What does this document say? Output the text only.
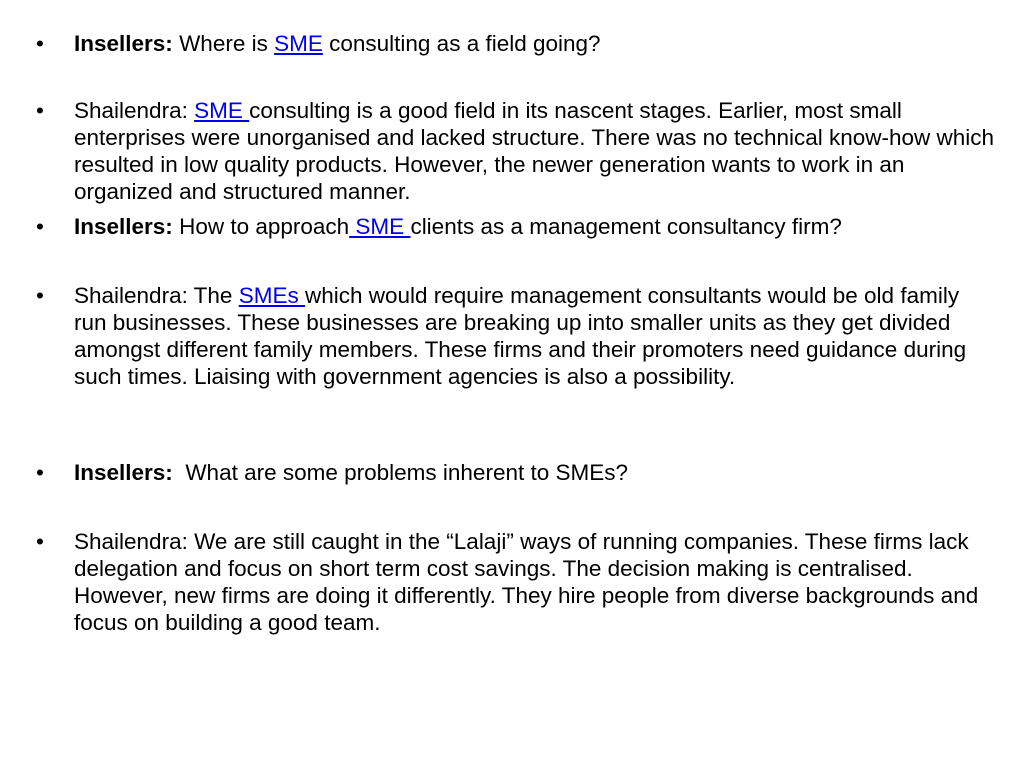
•	Insellers: Where is SME consulting as a field going?
•	Shailendra: SME consulting is a good field in its nascent stages. Earlier, most small enterprises were unorganised and lacked structure. There was no technical know-how which resulted in low quality products. However, the newer generation wants to work in an organized and structured manner.
•	Insellers: How to approach SME clients as a management consultancy firm?
•	Shailendra: The SMEs which would require management consultants would be old family run businesses. These businesses are breaking up into smaller units as they get divided amongst different family members. These firms and their promoters need guidance during such times. Liaising with government agencies is also a possibility.
•	Insellers:  What are some problems inherent to SMEs?
•	Shailendra: We are still caught in the “Lalaji” ways of running companies. These firms lack delegation and focus on short term cost savings. The decision making is centralised. However, new firms are doing it differently. They hire people from diverse backgrounds and focus on building a good team.
